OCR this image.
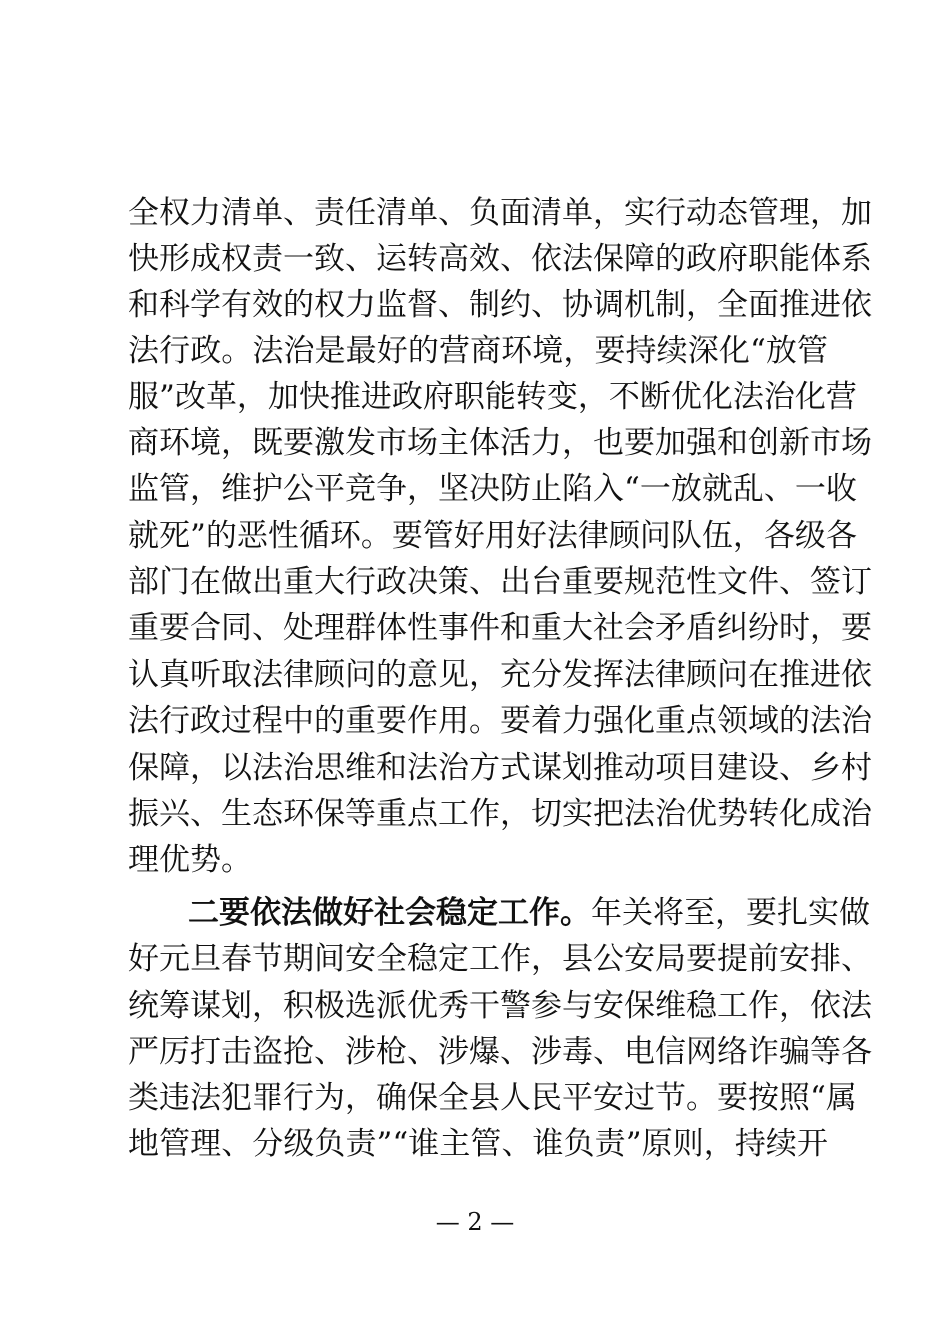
全权力清单、责任清单、负面清单，实行动态管理，加
快形成权责一致、运转高效、依法保障的政府职能体系
和科学有效的权力监督、制约、协调机制，全面推进依
法行政。法治是最好的营商环境，要持续深化“放管
服”改革，加快推进政府职能转变，不断优化法治化营
商环境，既要激发市场主体活力，也要加强和创新市场
监管，维护公平竞争，坚决防止陷入“一放就乱、一收
就死”的恶性循环。要管好用好法律顾问队伍，各级各
部门在做出重大行政决策、出台重要规范性文件、签订
重要合同、处理群体性事件和重大社会矛盾纠纷时，要
认真听取法律顾问的意见，充分发挥法律顾问在推进依
法行政过程中的重要作用。要着力强化重点领域的法治
保障，以法治思维和法治方式谋划推动项目建设、乡村
振兴、生态环保等重点工作，切实把法治优势转化成治
理优势。
二要依法做好社会稳定工作。年关将至，要扎实做
好元旦春节期间安全稳定工作，县公安局要提前安排、
统筹谋划，积极选派优秀干警参与安保维稳工作，依法
严厉打击盗抢、涉枪、涉爆、涉毒、电信网络诈骗等各
类违法犯罪行为，确保全县人民平安过节。要按照“属
地管理、分级负责”“谁主管、谁负责”原则，持续开
— 2 —
